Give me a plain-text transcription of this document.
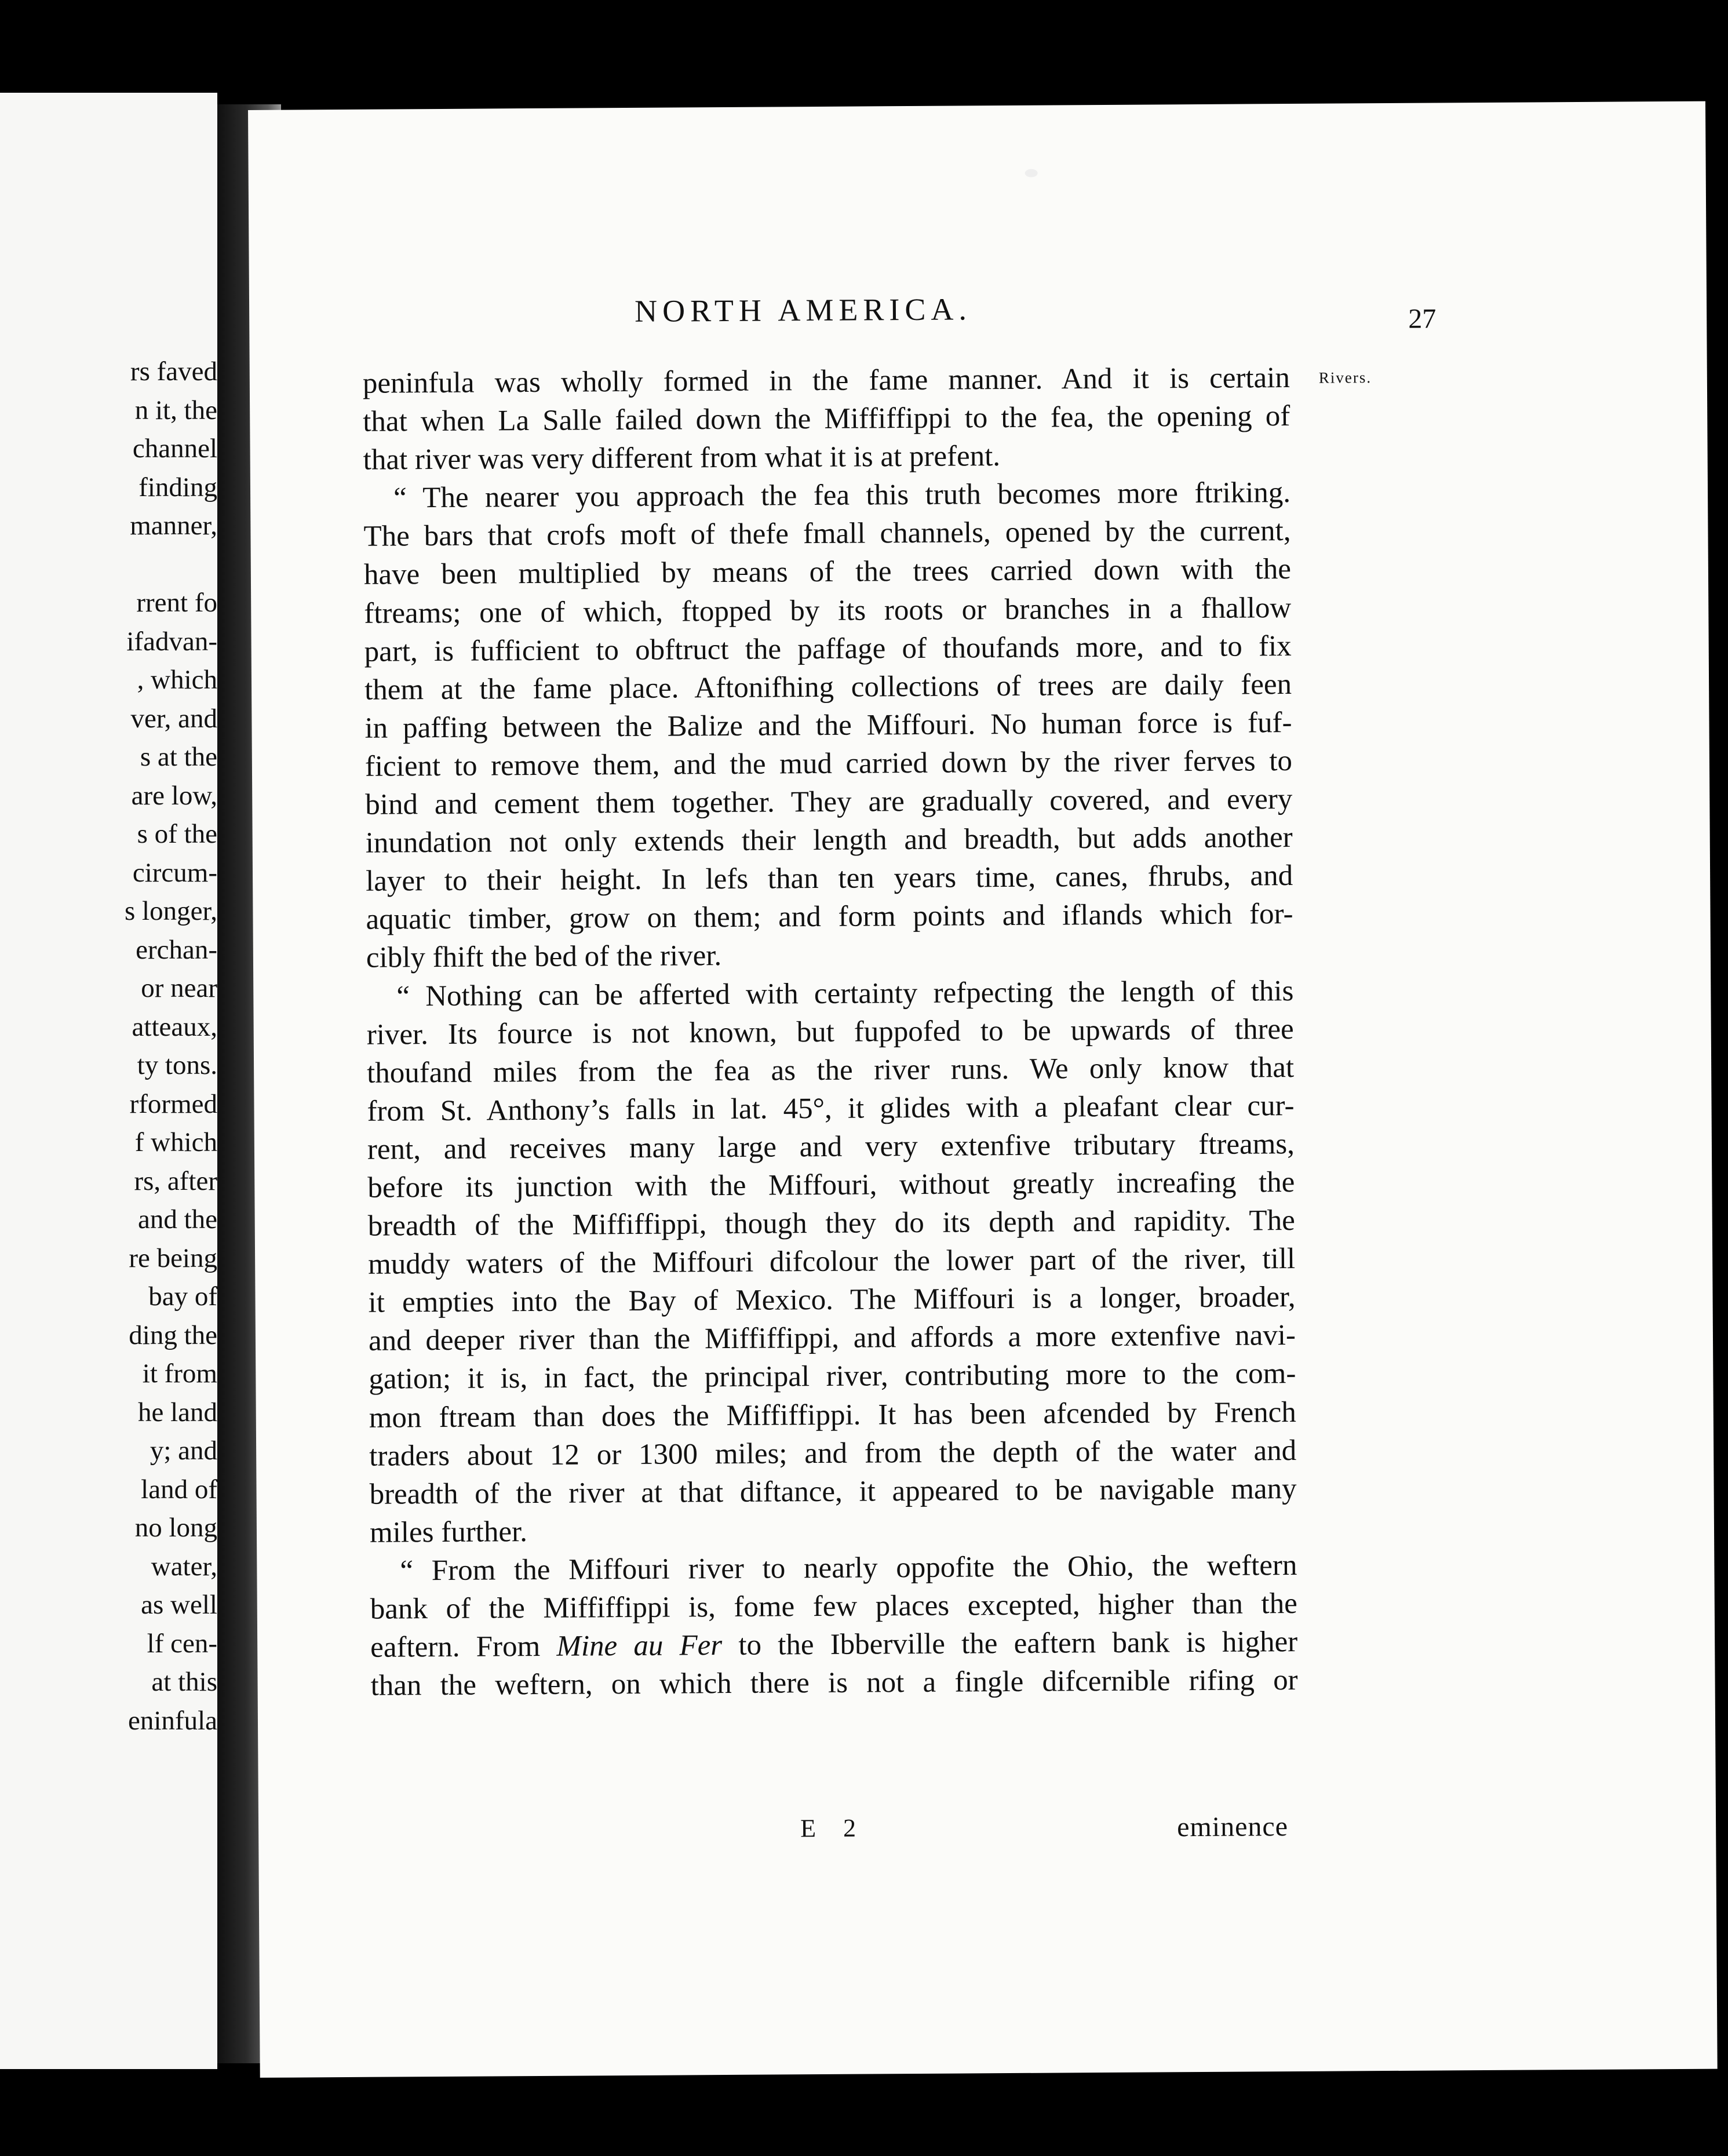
rs faved
n it, the
channel
finding
manner,

rrent fo
ifadvan-
, which
ver, and
s at the
are low,
s of the
circum-
s longer,
erchan-
or near
atteaux,
ty tons.
rformed
f which
rs, after
and the
re being
bay of
ding the
it from
he land
y; and
land of
no long
water,
as well
lf cen-
at this
eninfula
NORTH AMERICA.	27
Rivers.
peninfula was wholly formed in the fame manner. And it is certain
that when La Salle failed down the Miffiffippi to the fea, the opening of
that river was very different from what it is at prefent.
“ The nearer you approach the fea this truth becomes more ftriking.
The bars that crofs moft of thefe fmall channels, opened by the current,
have been multiplied by means of the trees carried down with the
ftreams; one of which, ftopped by its roots or branches in a fhallow
part, is fufficient to obftruct the paffage of thoufands more, and to fix
them at the fame place. Aftonifhing collections of trees are daily feen
in paffing between the Balize and the Miffouri. No human force is fuf-
ficient to remove them, and the mud carried down by the river ferves to
bind and cement them together. They are gradually covered, and every
inundation not only extends their length and breadth, but adds another
layer to their height. In lefs than ten years time, canes, fhrubs, and
aquatic timber, grow on them; and form points and iflands which for-
cibly fhift the bed of the river.
“ Nothing can be afferted with certainty refpecting the length of this
river. Its fource is not known, but fuppofed to be upwards of three
thoufand miles from the fea as the river runs. We only know that
from St. Anthony’s falls in lat. 45°, it glides with a pleafant clear cur-
rent, and receives many large and very extenfive tributary ftreams,
before its junction with the Miffouri, without greatly increafing the
breadth of the Miffiffippi, though they do its depth and rapidity. The
muddy waters of the Miffouri difcolour the lower part of the river, till
it empties into the Bay of Mexico. The Miffouri is a longer, broader,
and deeper river than the Miffiffippi, and affords a more extenfive navi-
gation; it is, in fact, the principal river, contributing more to the com-
mon ftream than does the Miffiffippi. It has been afcended by French
traders about 12 or 1300 miles; and from the depth of the water and
breadth of the river at that diftance, it appeared to be navigable many
miles further.
“ From the Miffouri river to nearly oppofite the Ohio, the weftern
bank of the Miffiffippi is, fome few places excepted, higher than the
eaftern. From Mine au Fer to the Ibberville the eaftern bank is higher
than the weftern, on which there is not a fingle difcernible rifing or
E 2	eminence
